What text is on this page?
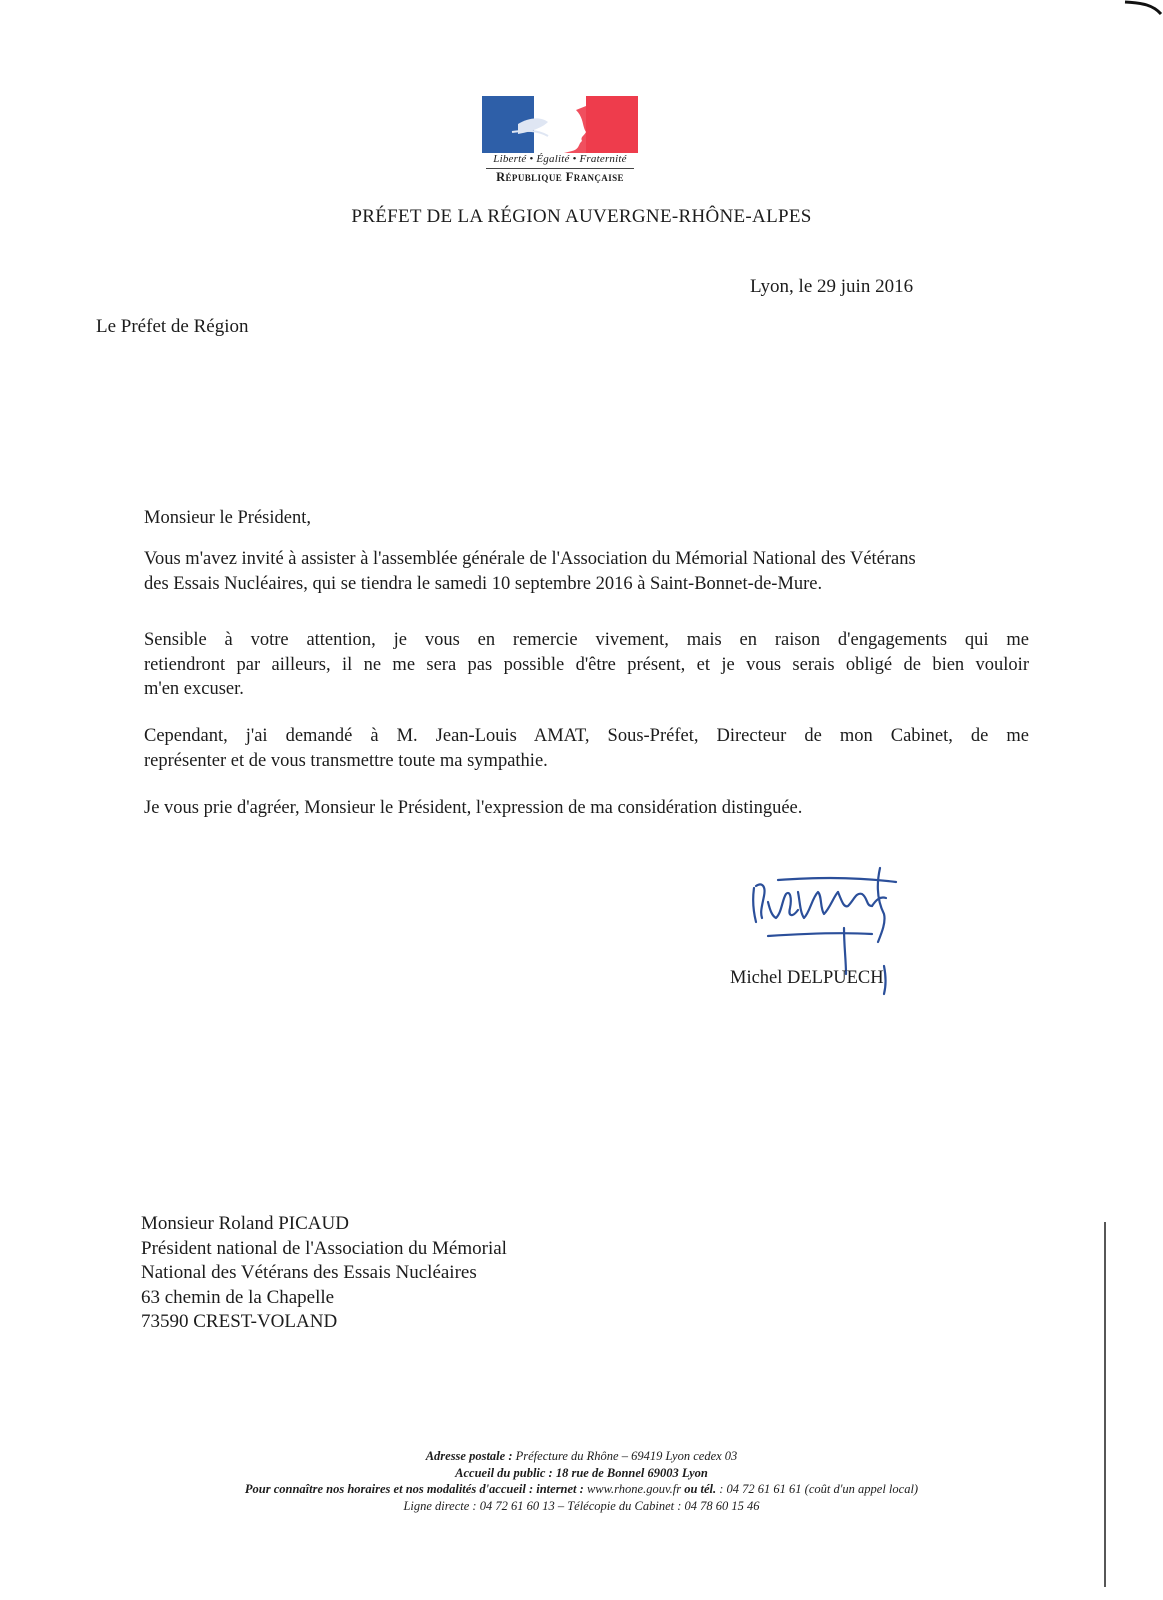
Liberté • Égalité • Fraternité
République Française
PRÉFET DE LA RÉGION AUVERGNE-RHÔNE-ALPES
Lyon, le 29 juin 2016
Le Préfet de Région
Monsieur le Président,
Vous m'avez invité à assister à l'assemblée générale de l'Association du Mémorial National des Vétérans
des Essais Nucléaires, qui se tiendra le samedi 10 septembre 2016 à Saint-Bonnet-de-Mure.
Sensible à votre attention, je vous en remercie vivement, mais en raison d'engagements qui me
retiendront par ailleurs, il ne me sera pas possible d'être présent, et je vous serais obligé de bien vouloir
m'en excuser.
Cependant, j'ai demandé à M. Jean-Louis AMAT, Sous-Préfet, Directeur de mon Cabinet, de me
représenter et de vous transmettre toute ma sympathie.
Je vous prie d'agréer, Monsieur le Président, l'expression de ma considération distinguée.
Michel DELPUECH
Monsieur Roland PICAUD
Président national de l'Association du Mémorial
National des Vétérans des Essais Nucléaires
63 chemin de la Chapelle
73590 CREST-VOLAND
Adresse postale : Préfecture du Rhône – 69419 Lyon cedex 03
Accueil du public : 18 rue de Bonnel 69003 Lyon
Pour connaître nos horaires et nos modalités d'accueil : internet : www.rhone.gouv.fr ou tél. : 04 72 61 61 61 (coût d'un appel local)
Ligne directe : 04 72 61 60 13 – Télécopie du Cabinet : 04 78 60 15 46
